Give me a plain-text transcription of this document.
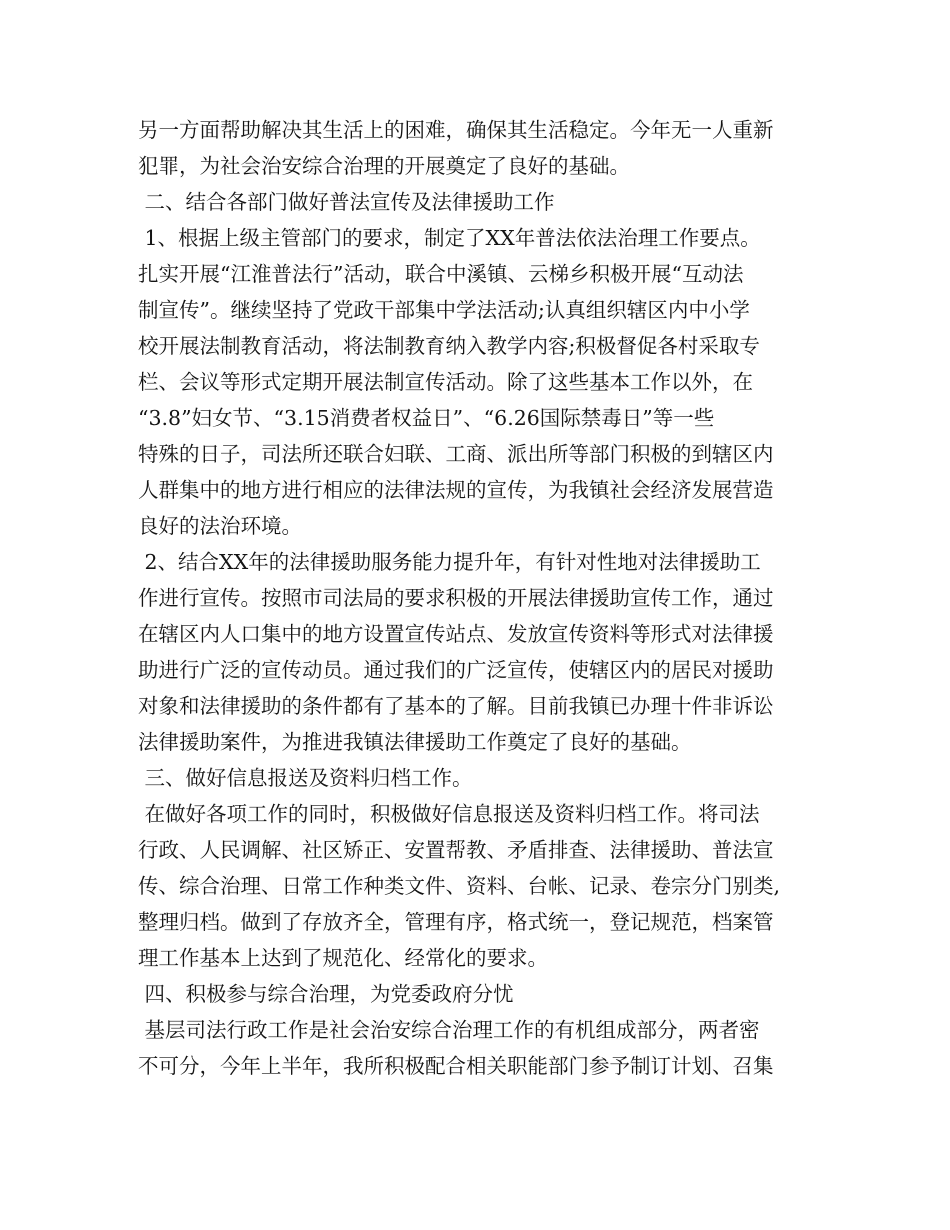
另一方面帮助解决其生活上的困难，确保其生活稳定。今年无一人重新
犯罪，为社会治安综合治理的开展奠定了良好的基础。
二、结合各部门做好普法宣传及法律援助工作
1、根据上级主管部门的要求，制定了XX年普法依法治理工作要点。
扎实开展“江淮普法行”活动，联合中溪镇、云梯乡积极开展“互动法
制宣传”。继续坚持了党政干部集中学法活动;认真组织辖区内中小学
校开展法制教育活动，将法制教育纳入教学内容;积极督促各村采取专
栏、会议等形式定期开展法制宣传活动。除了这些基本工作以外，在
“3.8”妇女节、“3.15消费者权益日”、“6.26国际禁毒日”等一些
特殊的日子，司法所还联合妇联、工商、派出所等部门积极的到辖区内
人群集中的地方进行相应的法律法规的宣传，为我镇社会经济发展营造
良好的法治环境。
2、结合XX年的法律援助服务能力提升年，有针对性地对法律援助工
作进行宣传。按照市司法局的要求积极的开展法律援助宣传工作，通过
在辖区内人口集中的地方设置宣传站点、发放宣传资料等形式对法律援
助进行广泛的宣传动员。通过我们的广泛宣传，使辖区内的居民对援助
对象和法律援助的条件都有了基本的了解。目前我镇已办理十件非诉讼
法律援助案件，为推进我镇法律援助工作奠定了良好的基础。
三、做好信息报送及资料归档工作。
在做好各项工作的同时，积极做好信息报送及资料归档工作。将司法
行政、人民调解、社区矫正、安置帮教、矛盾排查、法律援助、普法宣
传、综合治理、日常工作种类文件、资料、台帐、记录、卷宗分门别类,
整理归档。做到了存放齐全，管理有序，格式统一，登记规范，档案管
理工作基本上达到了规范化、经常化的要求。
四、积极参与综合治理，为党委政府分忧
基层司法行政工作是社会治安综合治理工作的有机组成部分，两者密
不可分，今年上半年，我所积极配合相关职能部门参予制订计划、召集
